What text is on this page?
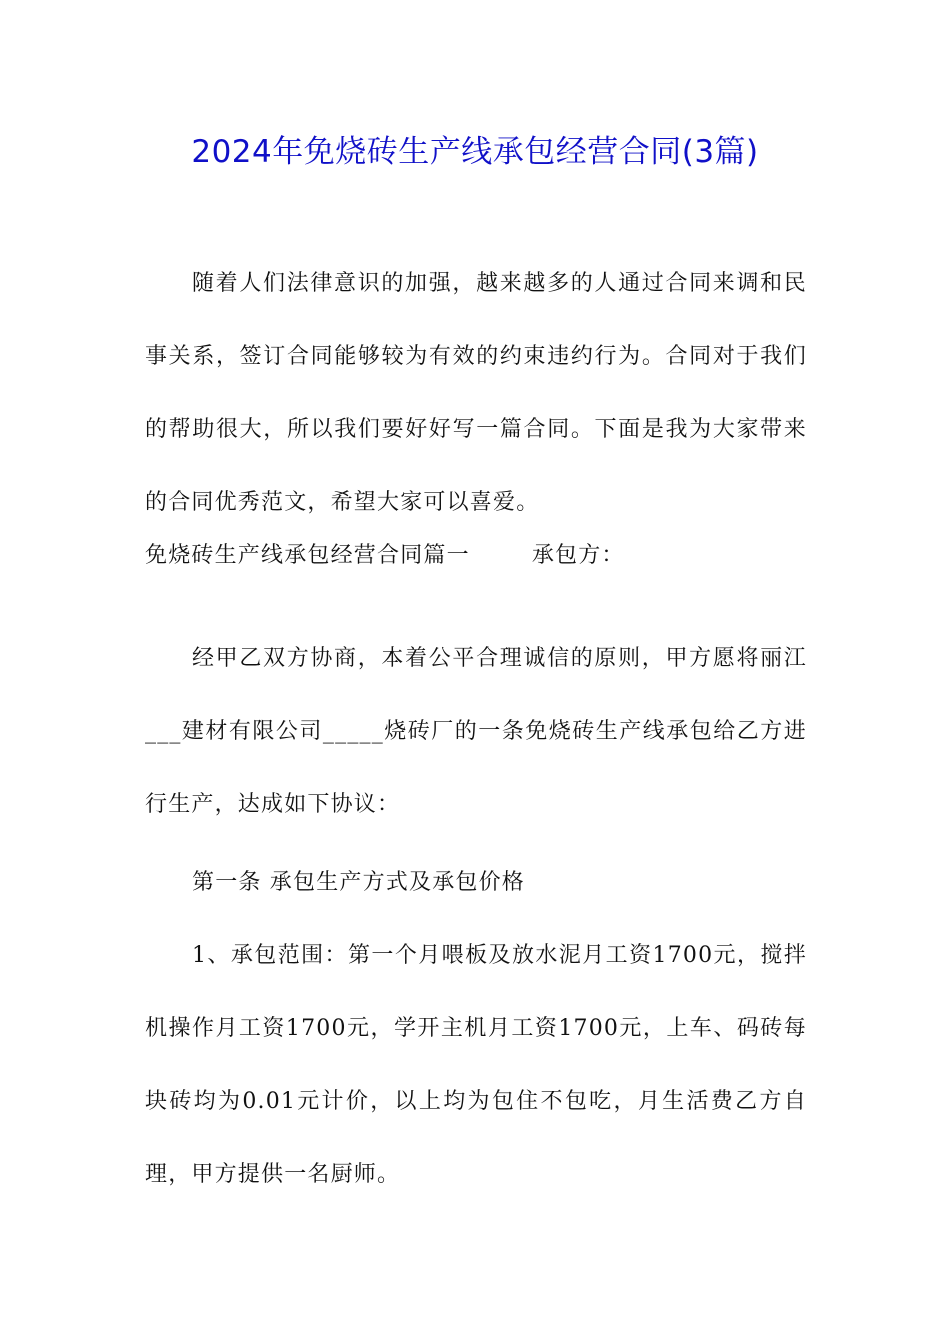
2024年免烧砖生产线承包经营合同(3篇)

随着人们法律意识的加强，越来越多的人通过合同来调和民事关系，签订合同能够较为有效的约束违约行为。合同对于我们的帮助很大，所以我们要好好写一篇合同。下面是我为大家带来的合同优秀范文，希望大家可以喜爱。

免烧砖生产线承包经营合同篇一	承包方：

经甲乙双方协商，本着公平合理诚信的原则，甲方愿将丽江___建材有限公司_____烧砖厂的一条免烧砖生产线承包给乙方进行生产，达成如下协议：

第一条 承包生产方式及承包价格

1、承包范围：第一个月喂板及放水泥月工资1700元，搅拌机操作月工资1700元，学开主机月工资1700元，上车、码砖每块砖均为0.01元计价，以上均为包住不包吃，月生活费乙方自理，甲方提供一名厨师。
